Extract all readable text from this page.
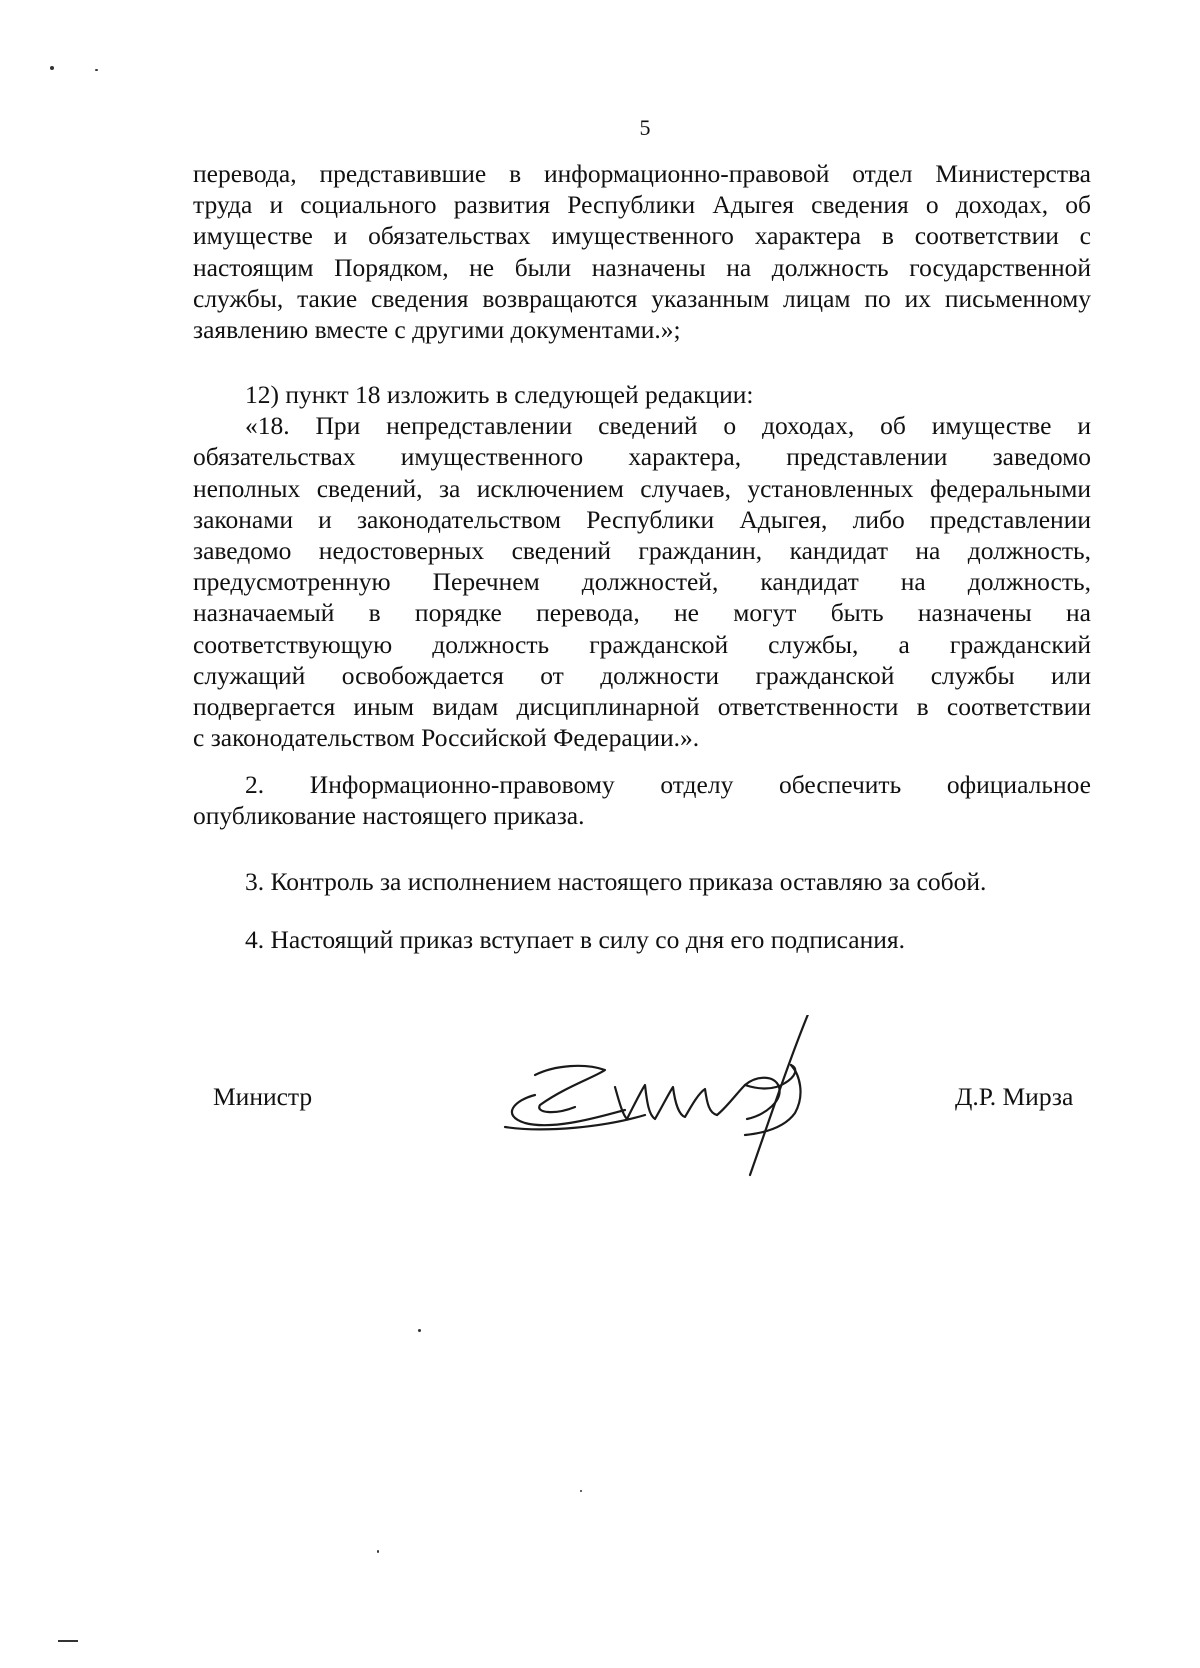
5
перевода, представившие в информационно-правовой отдел Министерства
труда и социального развития Республики Адыгея сведения о доходах, об
имуществе и обязательствах имущественного характера в соответствии с
настоящим Порядком, не были назначены на должность государственной
службы, такие сведения возвращаются указанным лицам по их письменному
заявлению вместе с другими документами.»;
12) пункт 18 изложить в следующей редакции:
«18. При непредставлении сведений о доходах, об имуществе и
обязательствах имущественного характера, представлении заведомо
неполных сведений, за исключением случаев, установленных федеральными
законами и законодательством Республики Адыгея, либо представлении
заведомо недостоверных сведений гражданин, кандидат на должность,
предусмотренную Перечнем должностей, кандидат на должность,
назначаемый в порядке перевода, не могут быть назначены на
соответствующую должность гражданской службы, а гражданский
служащий освобождается от должности гражданской службы или
подвергается иным видам дисциплинарной ответственности в соответствии
с законодательством Российской Федерации.».
2. Информационно-правовому отделу обеспечить официальное
опубликование настоящего приказа.
3. Контроль за исполнением настоящего приказа оставляю за собой.
4. Настоящий приказ вступает в силу со дня его подписания.
Министр	Д.Р. Мирза
